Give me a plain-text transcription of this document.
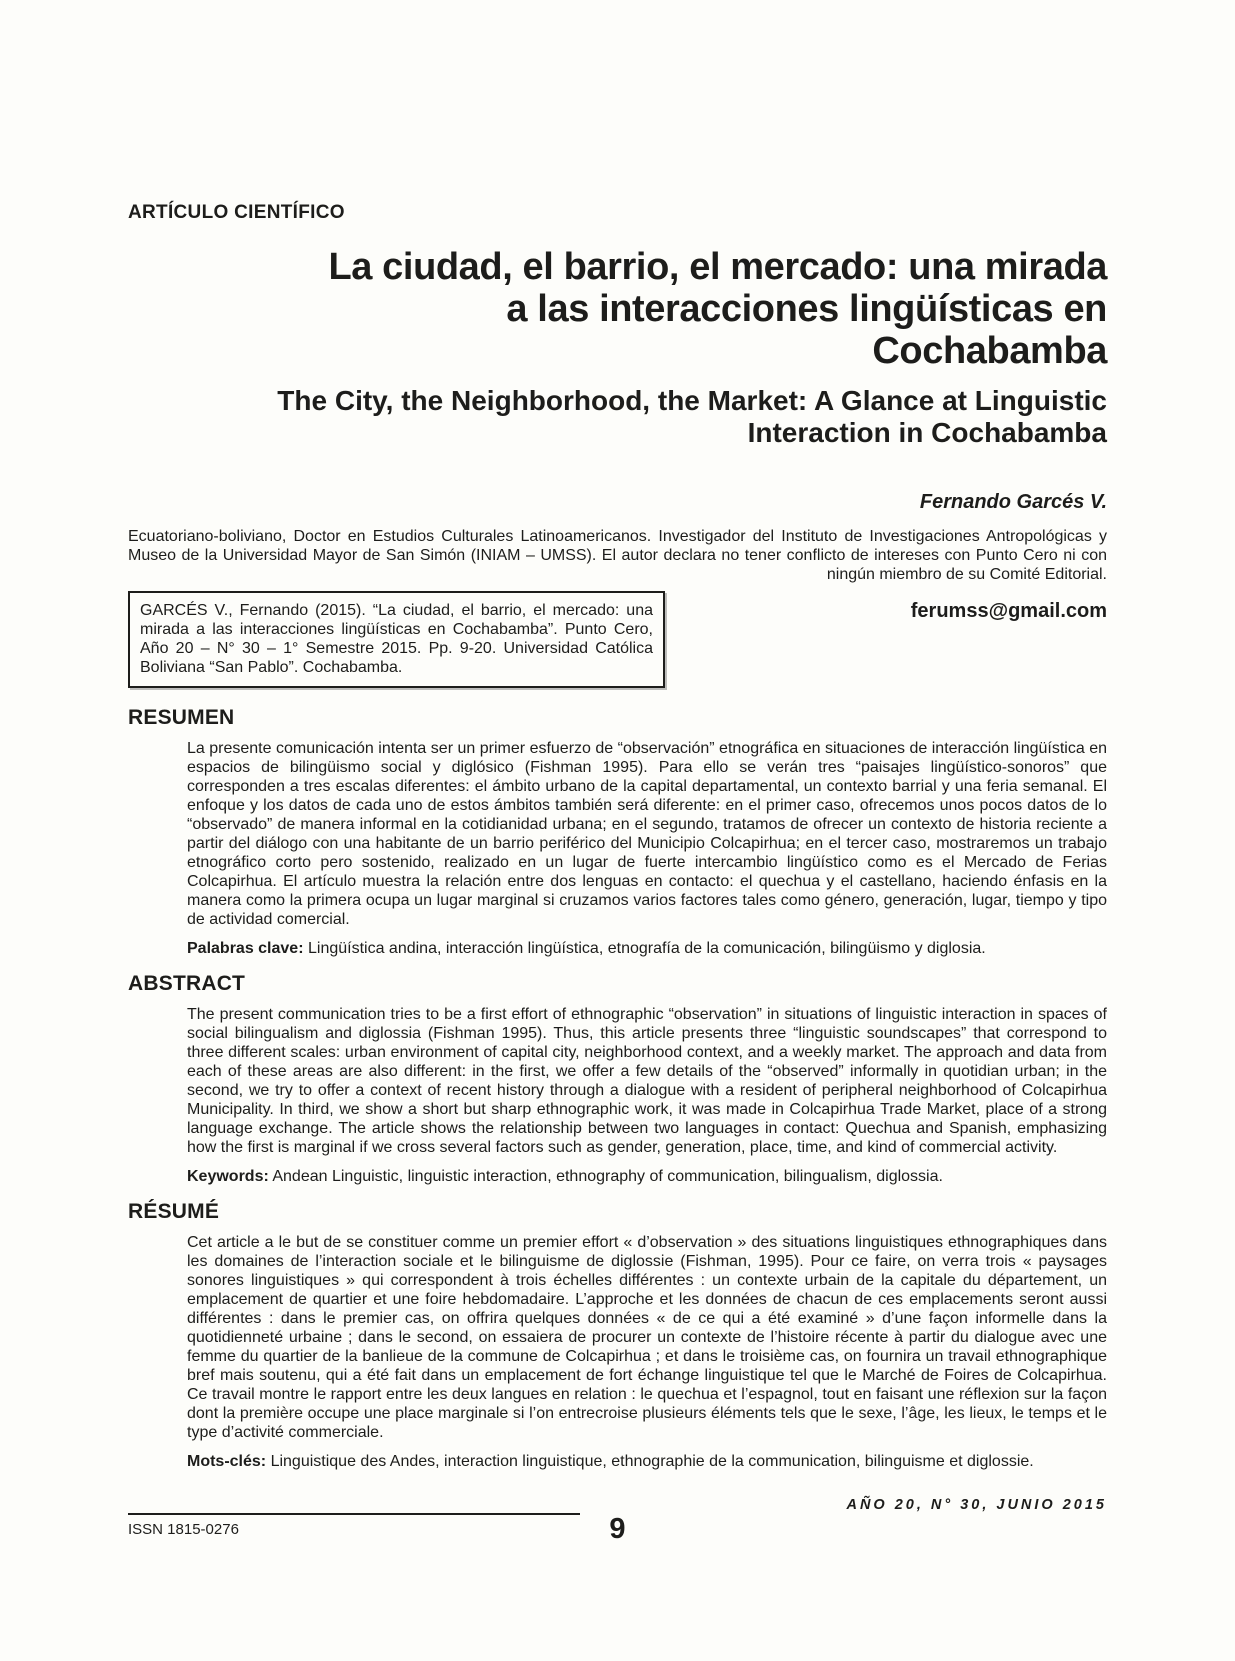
ARTÍCULO CIENTÍFICO
La ciudad, el barrio, el mercado: una mirada
a las interacciones lingüísticas en
Cochabamba
The City, the Neighborhood, the Market: A Glance at Linguistic
Interaction in Cochabamba
Fernando Garcés V.
Ecuatoriano-boliviano, Doctor en Estudios Culturales Latinoamericanos. Investigador del Instituto de Investigaciones Antropológicas y Museo de la Universidad Mayor de San Simón (INIAM – UMSS). El autor declara no tener conflicto de intereses con Punto Cero ni con ningún miembro de su Comité Editorial.
GARCÉS V., Fernando (2015). “La ciudad, el barrio, el mercado: una mirada a las interacciones lingüísticas en Cochabamba”. Punto Cero, Año 20 – N° 30 – 1° Semestre 2015. Pp. 9-20. Universidad Católica Boliviana “San Pablo”. Cochabamba.
ferumss@gmail.com
RESUMEN

La presente comunicación intenta ser un primer esfuerzo de “observación” etnográfica en situaciones de interacción lingüística en espacios de bilingüismo social y diglósico (Fishman 1995). Para ello se verán tres “paisajes lingüístico-sonoros” que corresponden a tres escalas diferentes: el ámbito urbano de la capital departamental, un contexto barrial y una feria semanal. El enfoque y los datos de cada uno de estos ámbitos también será diferente: en el primer caso, ofrecemos unos pocos datos de lo “observado” de manera informal en la cotidianidad urbana; en el segundo, tratamos de ofrecer un contexto de historia reciente a partir del diálogo con una habitante de un barrio periférico del Municipio Colcapirhua; en el tercer caso, mostraremos un trabajo etnográfico corto pero sostenido, realizado en un lugar de fuerte intercambio lingüístico como es el Mercado de Ferias Colcapirhua. El artículo muestra la relación entre dos lenguas en contacto: el quechua y el castellano, haciendo énfasis en la manera como la primera ocupa un lugar marginal si cruzamos varios factores tales como género, generación, lugar, tiempo y tipo de actividad comercial.

Palabras clave: Lingüística andina, interacción lingüística, etnografía de la comunicación, bilingüismo y diglosia.

ABSTRACT

The present communication tries to be a first effort of ethnographic “observation” in situations of linguistic interaction in spaces of social bilingualism and diglossia (Fishman 1995). Thus, this article presents three “linguistic soundscapes” that correspond to three different scales: urban environment of capital city, neighborhood context, and a weekly market. The approach and data from each of these areas are also different: in the first, we offer a few details of the “observed” informally in quotidian urban; in the second, we try to offer a context of recent history through a dialogue with a resident of peripheral neighborhood of Colcapirhua Municipality. In third, we show a short but sharp ethnographic work, it was made in Colcapirhua Trade Market, place of a strong language exchange. The article shows the relationship between two languages in contact: Quechua and Spanish, emphasizing how the first is marginal if we cross several factors such as gender, generation, place, time, and kind of commercial activity.

Keywords: Andean Linguistic, linguistic interaction, ethnography of communication, bilingualism, diglossia.

RÉSUMÉ

Cet article a le but de se constituer comme un premier effort « d’observation » des situations linguistiques ethnographiques dans les domaines de l’interaction sociale et le bilinguisme de diglossie (Fishman, 1995). Pour ce faire, on verra trois « paysages sonores linguistiques » qui correspondent à trois échelles différentes : un contexte urbain de la capitale du département, un emplacement de quartier et une foire hebdomadaire. L’approche et les données de chacun de ces emplacements seront aussi différentes : dans le premier cas, on offrira quelques données « de ce qui a été examiné » d’une façon informelle dans la quotidienneté urbaine ; dans le second, on essaiera de procurer un contexte de l’histoire récente à partir du dialogue avec une femme du quartier de la banlieue de la commune de Colcapirhua ; et dans le troisième cas, on fournira un travail ethnographique bref mais soutenu, qui a été fait dans un emplacement de fort échange linguistique tel que le Marché de Foires de Colcapirhua. Ce travail montre le rapport entre les deux langues en relation : le quechua et l’espagnol, tout en faisant une réflexion sur la façon dont la première occupe une place marginale si l’on entrecroise plusieurs éléments tels que le sexe, l’âge, les lieux, le temps et le type d’activité commerciale.

Mots-clés: Linguistique des Andes, interaction linguistique, ethnographie de la communication, bilinguisme et diglossie.

ISSN 1815-0276	9
AÑO 20, N° 30, JUNIO 2015
